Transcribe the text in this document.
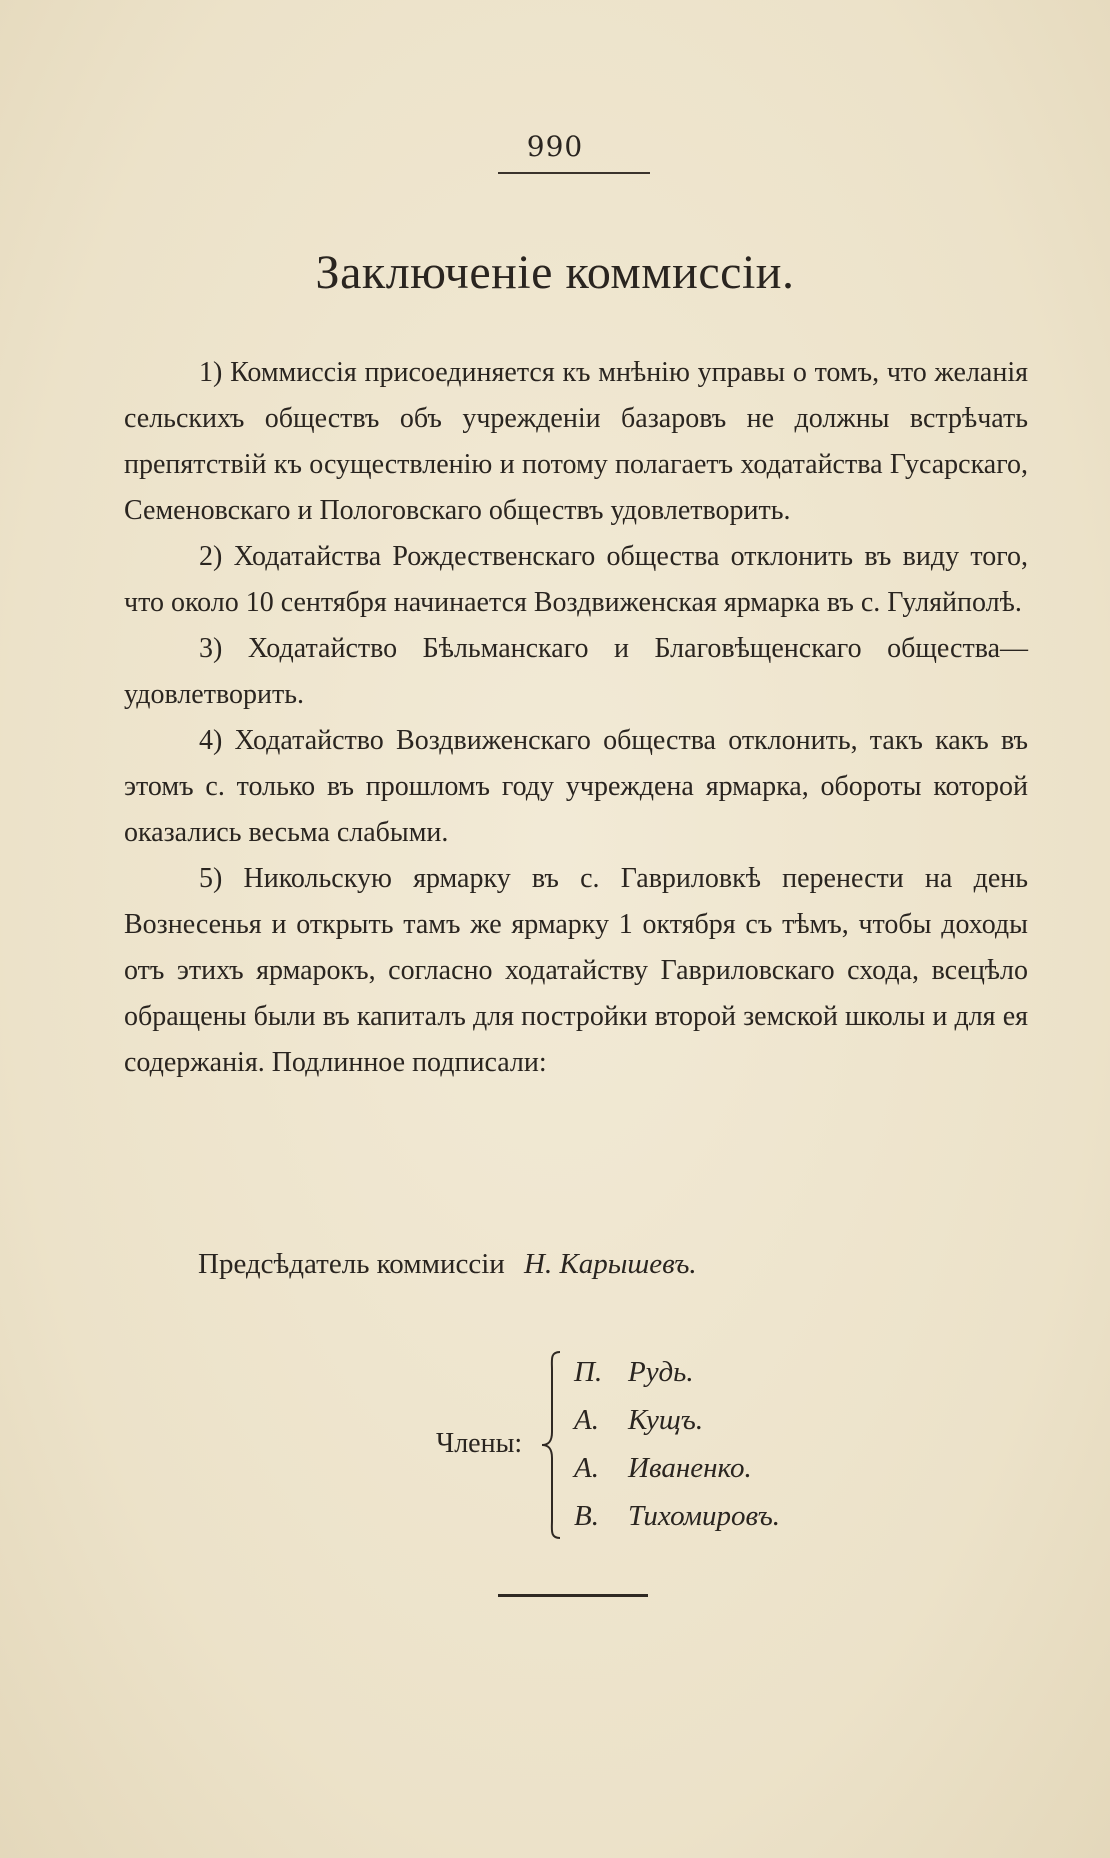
990
Заключеніе коммиссіи.

1) Коммиссія присоединяется къ мнѣнію управы о томъ, что желанія сельскихъ обществъ объ учрежденіи базаровъ не должны встрѣчать препятствій къ осуществленію и потому полагаетъ ходатайства Гусарскаго, Семеновскаго и Пологовскаго обществъ удовлетворить.

2) Ходатайства Рождественскаго общества отклонить въ виду того, что около 10 сентября начинается Воздвиженская ярмарка въ с. Гуляйполѣ.

3) Ходатайство Бѣльманскаго и Благовѣщенскаго общества—удовлетворить.

4) Ходатайство Воздвиженскаго общества отклонить, такъ какъ въ этомъ с. только въ прошломъ году учреждена ярмарка, обороты которой оказались весьма слабыми.

5) Никольскую ярмарку въ с. Гавриловкѣ перенести на день Вознесенья и открыть тамъ же ярмарку 1 октября съ тѣмъ, чтобы доходы отъ этихъ ярмарокъ, согласно ходатайству Гавриловскаго схода, всецѣло обращены были въ капиталъ для постройки второй земской школы и для ея содержанія. Подлинное подписали:

Предсѣдатель коммиссіи Н. Карышевъ.
Члены:
П. Рудь.
А. Кущъ.
А. Иваненко.
В. Тихомировъ.
